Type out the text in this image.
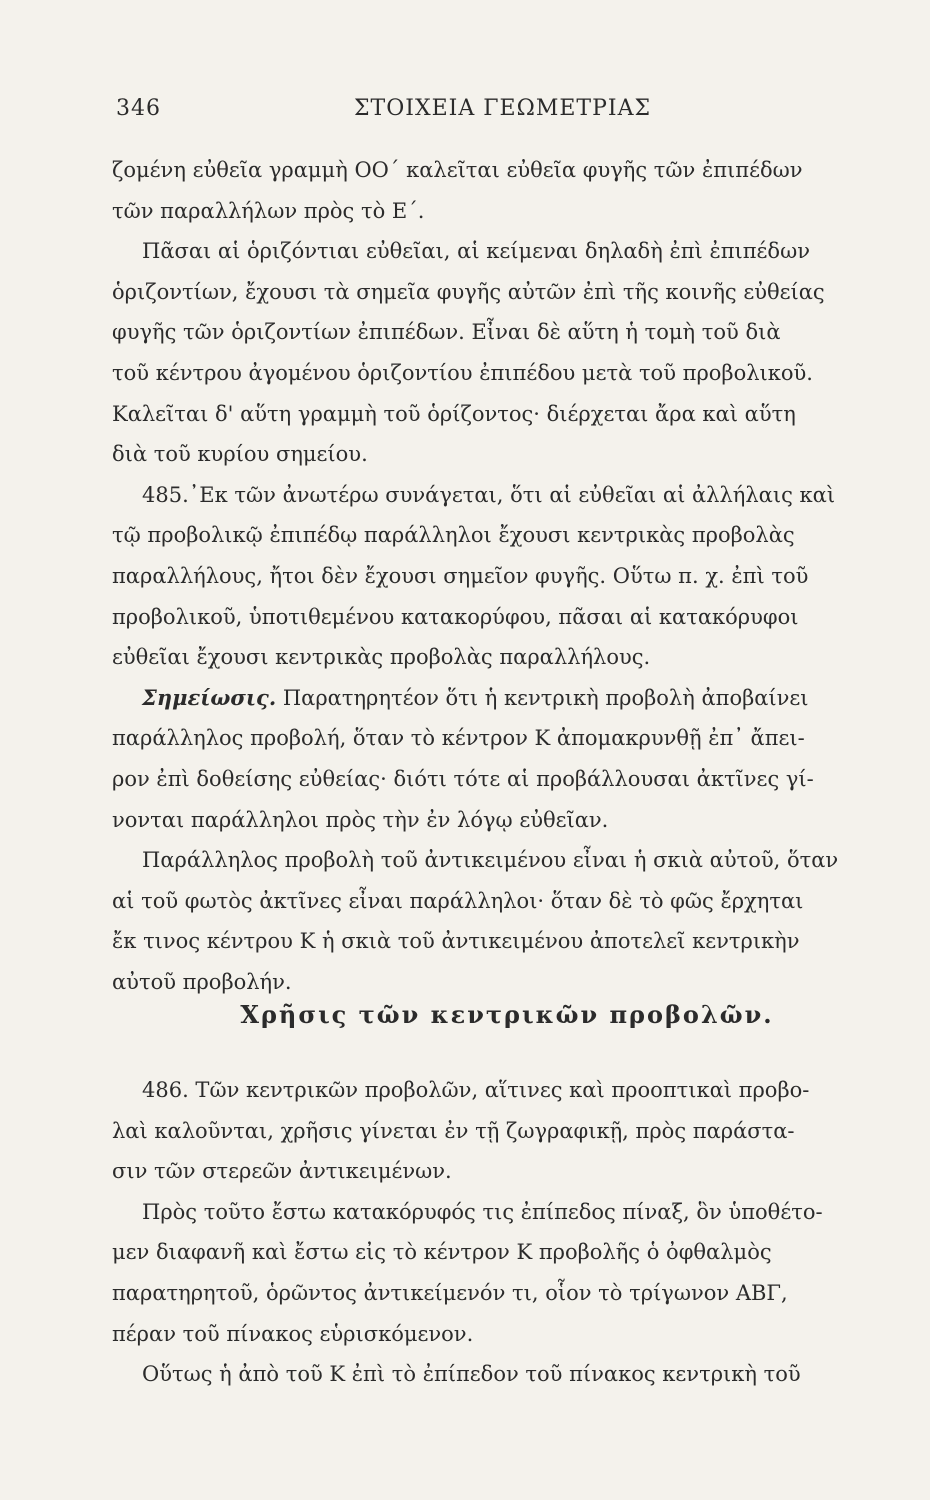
346	ΣΤΟΙΧΕΙΑ ΓΕΩΜΕΤΡΙΑΣ

ζομένη εὐθεῖα γραμμὴ ΟΟ΄ καλεῖται εὐθεῖα φυγῆς τῶν ἐπιπέδων
τῶν παραλλήλων πρὸς τὸ Ε΄.

Πᾶσαι αἱ ὁριζόντιαι εὐθεῖαι, αἱ κείμεναι δηλαδὴ ἐπὶ ἐπιπέδων
ὁριζοντίων, ἔχουσι τὰ σημεῖα φυγῆς αὐτῶν ἐπὶ τῆς κοινῆς εὐθείας
φυγῆς τῶν ὁριζοντίων ἐπιπέδων. Εἶναι δὲ αὕτη ἡ τομὴ τοῦ διὰ
τοῦ κέντρου ἀγομένου ὁριζοντίου ἐπιπέδου μετὰ τοῦ προβολικοῦ.
Καλεῖται δ' αὕτη γραμμὴ τοῦ ὁρίζοντος· διέρχεται ἄρα καὶ αὕτη
διὰ τοῦ κυρίου σημείου.

485.᾽Εκ τῶν ἀνωτέρω συνάγεται, ὅτι αἱ εὐθεῖαι αἱ ἀλλήλαις καὶ
τῷ προβολικῷ ἐπιπέδῳ παράλληλοι ἔχουσι κεντρικὰς προβολὰς
παραλλήλους, ἤτοι δὲν ἔχουσι σημεῖον φυγῆς. Οὕτω π. χ. ἐπὶ τοῦ
προβολικοῦ, ὑποτιθεμένου κατακορύφου, πᾶσαι αἱ κατακόρυφοι
εὐθεῖαι ἔχουσι κεντρικὰς προβολὰς παραλλήλους.

Σημείωσις. Παρατηρητέον ὅτι ἡ κεντρικὴ προβολὴ ἀποβαίνει
παράλληλος προβολή, ὅταν τὸ κέντρον Κ ἀπομακρυνθῇ ἐπ᾽ ἄπει-
ρον ἐπὶ δοθείσης εὐθείας· διότι τότε αἱ προβάλλουσαι ἀκτῖνες γί-
νονται παράλληλοι πρὸς τὴν ἐν λόγῳ εὐθεῖαν.

Παράλληλος προβολὴ τοῦ ἀντικειμένου εἶναι ἡ σκιὰ αὐτοῦ, ὅταν
αἱ τοῦ φωτὸς ἀκτῖνες εἶναι παράλληλοι· ὅταν δὲ τὸ φῶς ἔρχηται
ἔκ τινος κέντρου Κ ἡ σκιὰ τοῦ ἀντικειμένου ἀποτελεῖ κεντρικὴν
αὐτοῦ προβολήν.

Χρῆσις τῶν κεντρικῶν προβολῶν.

486. Τῶν κεντρικῶν προβολῶν, αἵτινες καὶ προοπτικαὶ προβο-
λαὶ καλοῦνται, χρῆσις γίνεται ἐν τῇ ζωγραφικῇ, πρὸς παράστα-
σιν τῶν στερεῶν ἀντικειμένων.

Πρὸς τοῦτο ἔστω κατακόρυφός τις ἐπίπεδος πίναξ, ὃν ὑποθέτο-
μεν διαφανῆ καὶ ἔστω εἰς τὸ κέντρον Κ προβολῆς ὁ ὀφθαλμὸς
παρατηρητοῦ, ὁρῶντος ἀντικείμενόν τι, οἷον τὸ τρίγωνον ΑΒΓ,
πέραν τοῦ πίνακος εὑρισκόμενον.

Οὕτως ἡ ἀπὸ τοῦ Κ ἐπὶ τὸ ἐπίπεδον τοῦ πίνακος κεντρικὴ τοῦ
